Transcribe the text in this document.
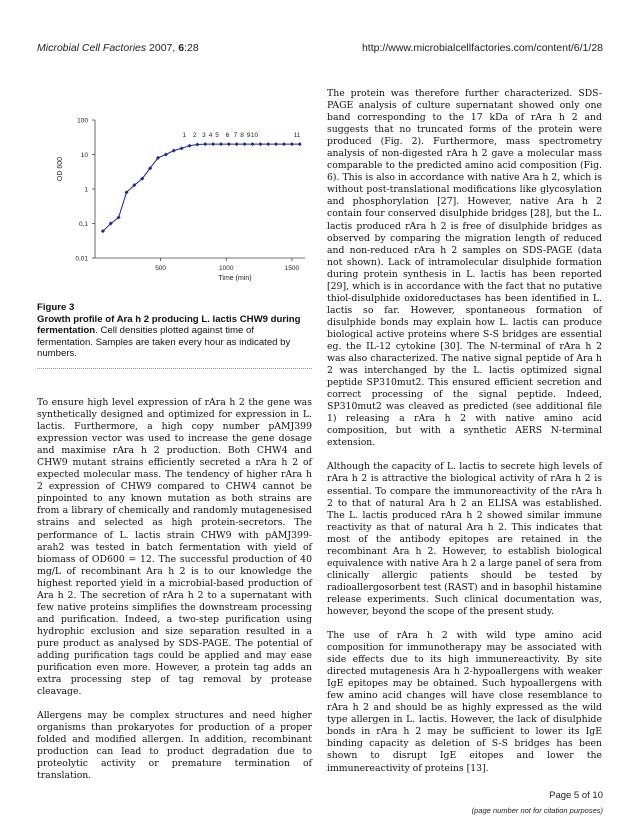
Microbial Cell Factories 2007, 6:28	http://www.microbialcellfactories.com/content/6/1/28
100
10
1
0,1
0,01
500	1000	1500
OD 600
Time (min)
1 2 3 4 5 6 7 8 9 10	11
Figure 3
Growth profile of Ara h 2 producing L. lactis CHW9 during fermentation. Cell densities plotted against time of fermentation. Samples are taken every hour as indicated by numbers.

To ensure high level expression of rAra h 2 the gene was synthetically designed and optimized for expression in L. lactis. Furthermore, a high copy number pAMJ399 expression vector was used to increase the gene dosage and maximise rAra h 2 production. Both CHW4 and CHW9 mutant strains efficiently secreted a rAra h 2 of expected molecular mass. The tendency of higher rAra h 2 expression of CHW9 compared to CHW4 cannot be pinpointed to any known mutation as both strains are from a library of chemically and randomly mutagenesised strains and selected as high protein-secretors. The performance of L. lactis strain CHW9 with pAMJ399-arah2 was tested in batch fermentation with yield of biomass of OD600 = 12. The successful production of 40 mg/L of recombinant Ara h 2 is to our knowledge the highest reported yield in a microbial-based production of Ara h 2. The secretion of rAra h 2 to a supernatant with few native proteins simplifies the downstream processing and purification. Indeed, a two-step purification using hydrophic exclusion and size separation resulted in a pure product as analysed by SDS-PAGE. The potential of adding purification tags could be applied and may ease purification even more. However, a protein tag adds an extra processing step of tag removal by protease cleavage.

Allergens may be complex structures and need higher organisms than prokaryotes for production of a proper folded and modified allergen. In addition, recombinant production can lead to product degradation due to proteolytic activity or premature termination of translation.

The protein was therefore further characterized. SDS-PAGE analysis of culture supernatant showed only one band corresponding to the 17 kDa of rAra h 2 and suggests that no truncated forms of the protein were produced (Fig. 2). Furthermore, mass spectrometry analysis of non-digested rAra h 2 gave a molecular mass comparable to the predicted amino acid composition (Fig. 6). This is also in accordance with native Ara h 2, which is without post-translational modifications like glycosylation and phosphorylation [27]. However, native Ara h 2 contain four conserved disulphide bridges [28], but the L. lactis produced rAra h 2 is free of disulphide bridges as observed by comparing the migration length of reduced and non-reduced rAra h 2 samples on SDS-PAGE (data not shown). Lack of intramolecular disulphide formation during protein synthesis in L. lactis has been reported [29], which is in accordance with the fact that no putative thiol-disulphide oxidoreductases has been identified in L. lactis so far. However, spontaneous formation of disulphide bonds may explain how L. lactis can produce biological active proteins where S-S bridges are essential eg. the IL-12 cytokine [30]. The N-terminal of rAra h 2 was also characterized. The native signal peptide of Ara h 2 was interchanged by the L. lactis optimized signal peptide SP310mut2. This ensured efficient secretion and correct processing of the signal peptide. Indeed, SP310mut2 was cleaved as predicted (see additional file 1) releasing a rAra h 2 with native amino acid composition, but with a synthetic AERS N-terminal extension.

Although the capacity of L. lactis to secrete high levels of rAra h 2 is attractive the biological activity of rAra h 2 is essential. To compare the immunoreactivity of the rAra h 2 to that of natural Ara h 2 an ELISA was established. The L. lactis produced rAra h 2 showed similar immune reactivity as that of natural Ara h 2. This indicates that most of the antibody epitopes are retained in the recombinant Ara h 2. However, to establish biological equivalence with native Ara h 2 a large panel of sera from clinically allergic patients should be tested by radioallergosorbent test (RAST) and in basophil histamine release experiments. Such clinical documentation was, however, beyond the scope of the present study.

The use of rAra h 2 with wild type amino acid composition for immunotherapy may be associated with side effects due to its high immunereactivity. By site directed mutagenesis Ara h 2-hypoallergens with weaker IgE epitopes may be obtained. Such hypoallergens with few amino acid changes will have close resemblance to rAra h 2 and should be as highly expressed as the wild type allergen in L. lactis. However, the lack of disulphide bonds in rAra h 2 may be sufficient to lower its IgE binding capacity as deletion of S-S bridges has been shown to disrupt IgE eitopes and lower the immunereactivity of proteins [13].

Page 5 of 10
(page number not for citation purposes)
